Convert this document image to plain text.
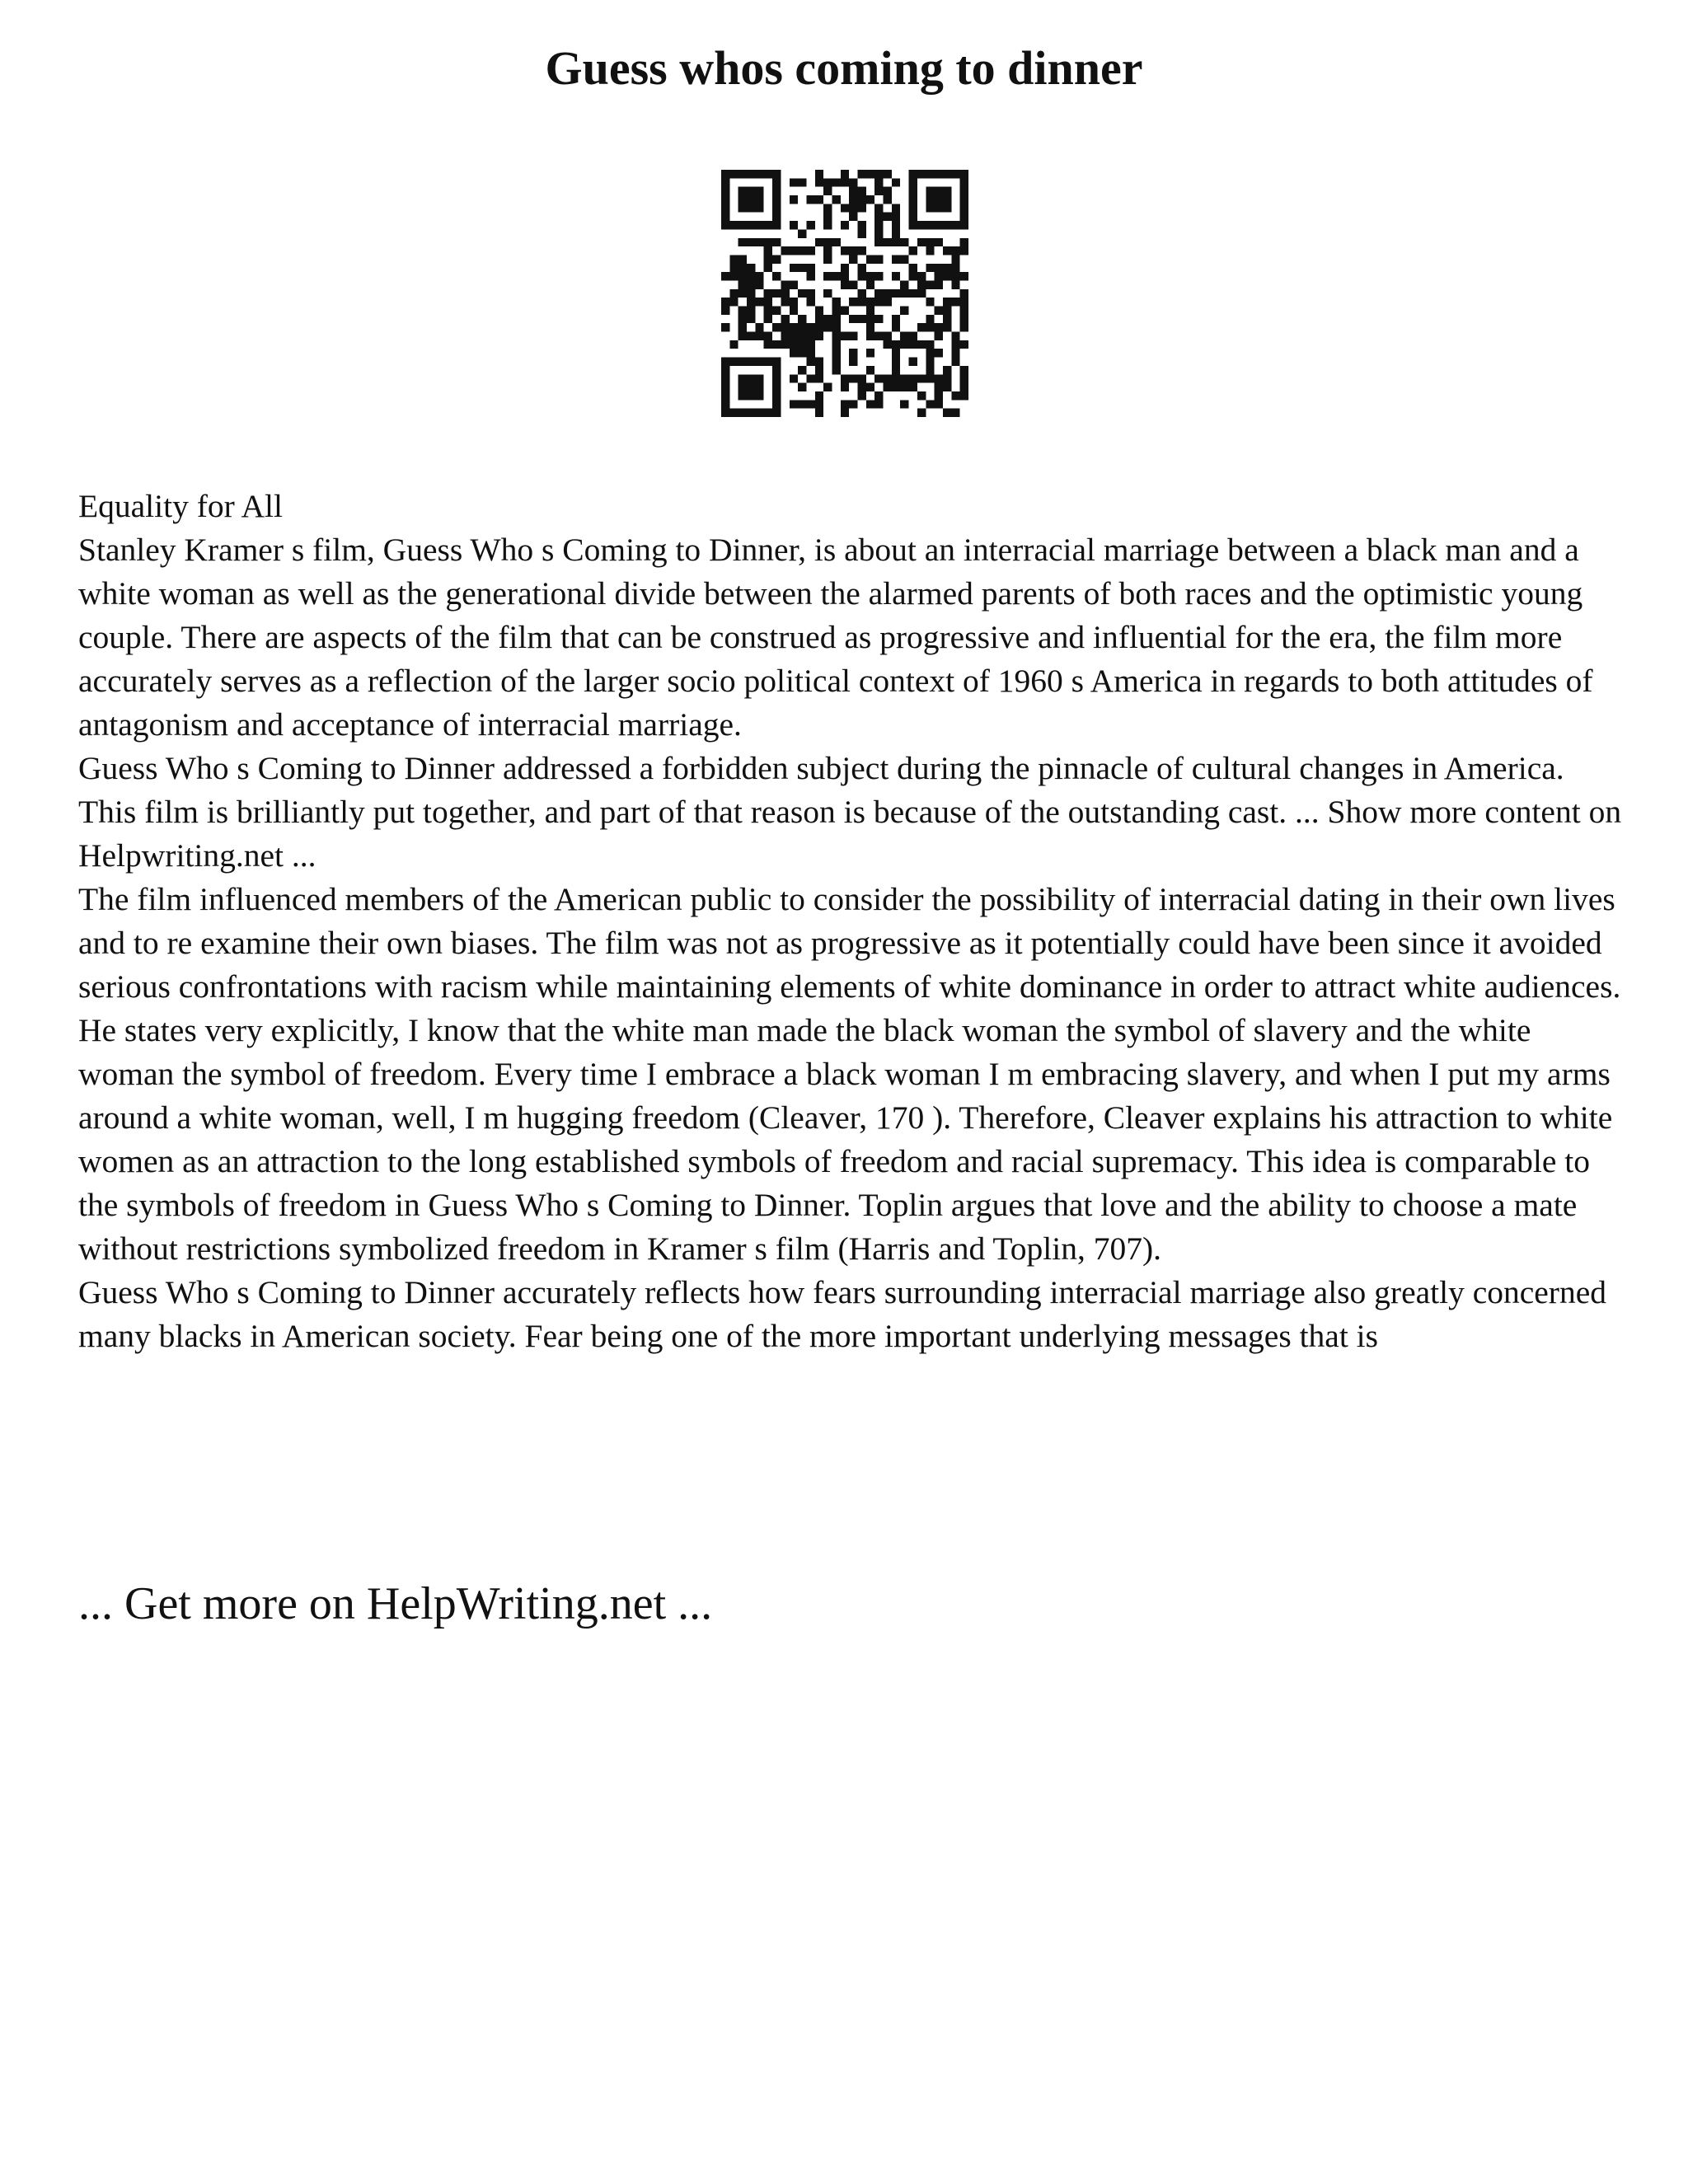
Guess whos coming to dinner

Equality for All

Stanley Kramer s film, Guess Who s Coming to Dinner, is about an interracial marriage between a black man and a white woman as well as the generational divide between the alarmed parents of both races and the optimistic young couple. There are aspects of the film that can be construed as progressive and influential for the era, the film more accurately serves as a reflection of the larger socio political context of 1960 s America in regards to both attitudes of antagonism and acceptance of interracial marriage.

Guess Who s Coming to Dinner addressed a forbidden subject during the pinnacle of cultural changes in America. This film is brilliantly put together, and part of that reason is because of the outstanding cast. ... Show more content on Helpwriting.net ...

The film influenced members of the American public to consider the possibility of interracial dating in their own lives and to re examine their own biases. The film was not as progressive as it potentially could have been since it avoided serious confrontations with racism while maintaining elements of white dominance in order to attract white audiences.

He states very explicitly, I know that the white man made the black woman the symbol of slavery and the white woman the symbol of freedom. Every time I embrace a black woman I m embracing slavery, and when I put my arms around a white woman, well, I m hugging freedom (Cleaver, 170 ). Therefore, Cleaver explains his attraction to white women as an attraction to the long established symbols of freedom and racial supremacy. This idea is comparable to the symbols of freedom in Guess Who s Coming to Dinner. Toplin argues that love and the ability to choose a mate without restrictions symbolized freedom in Kramer s film (Harris and Toplin, 707).

Guess Who s Coming to Dinner accurately reflects how fears surrounding interracial marriage also greatly concerned many blacks in American society. Fear being one of the more important underlying messages that is

... Get more on HelpWriting.net ...
